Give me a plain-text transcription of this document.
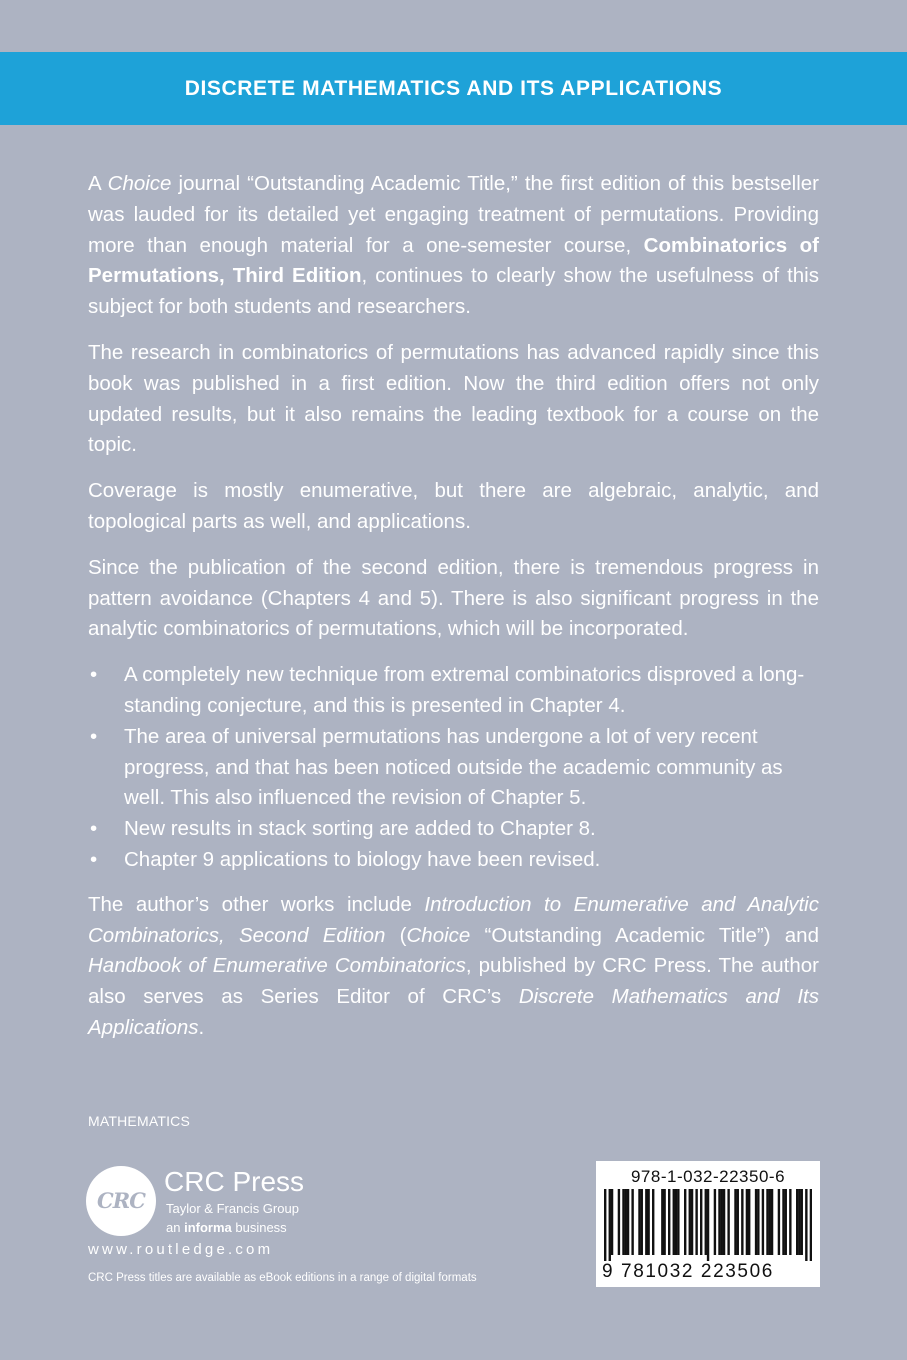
DISCRETE MATHEMATICS AND ITS APPLICATIONS

A Choice journal “Outstanding Academic Title,” the first edition of this bestseller was lauded for its detailed yet engaging treatment of permutations. Providing more than enough material for a one-semester course, Combinatorics of Permutations, Third Edition, continues to clearly show the usefulness of this subject for both students and researchers.

The research in combinatorics of permutations has advanced rapidly since this book was published in a first edition. Now the third edition offers not only updated results, but it also remains the leading textbook for a course on the topic.

Coverage is mostly enumerative, but there are algebraic, analytic, and topological parts as well, and applications.

Since the publication of the second edition, there is tremendous progress in pattern avoidance (Chapters 4 and 5). There is also significant progress in the analytic combinatorics of permutations, which will be incorporated.

• A completely new technique from extremal combinatorics disproved a long-standing conjecture, and this is presented in Chapter 4.
• The area of universal permutations has undergone a lot of very recent progress, and that has been noticed outside the academic community as well. This also influenced the revision of Chapter 5.
• New results in stack sorting are added to Chapter 8.
• Chapter 9 applications to biology have been revised.

The author’s other works include Introduction to Enumerative and Analytic Combinatorics, Second Edition (Choice “Outstanding Academic Title”) and Handbook of Enumerative Combinatorics, published by CRC Press. The author also serves as Series Editor of CRC’s Discrete Mathematics and Its Applications.

MATHEMATICS
CRC
CRC Press
Taylor & Francis Group
an informa business
www.routledge.com
CRC Press titles are available as eBook editions in a range of digital formats
978-1-032-22350-6
9 781032 223506
